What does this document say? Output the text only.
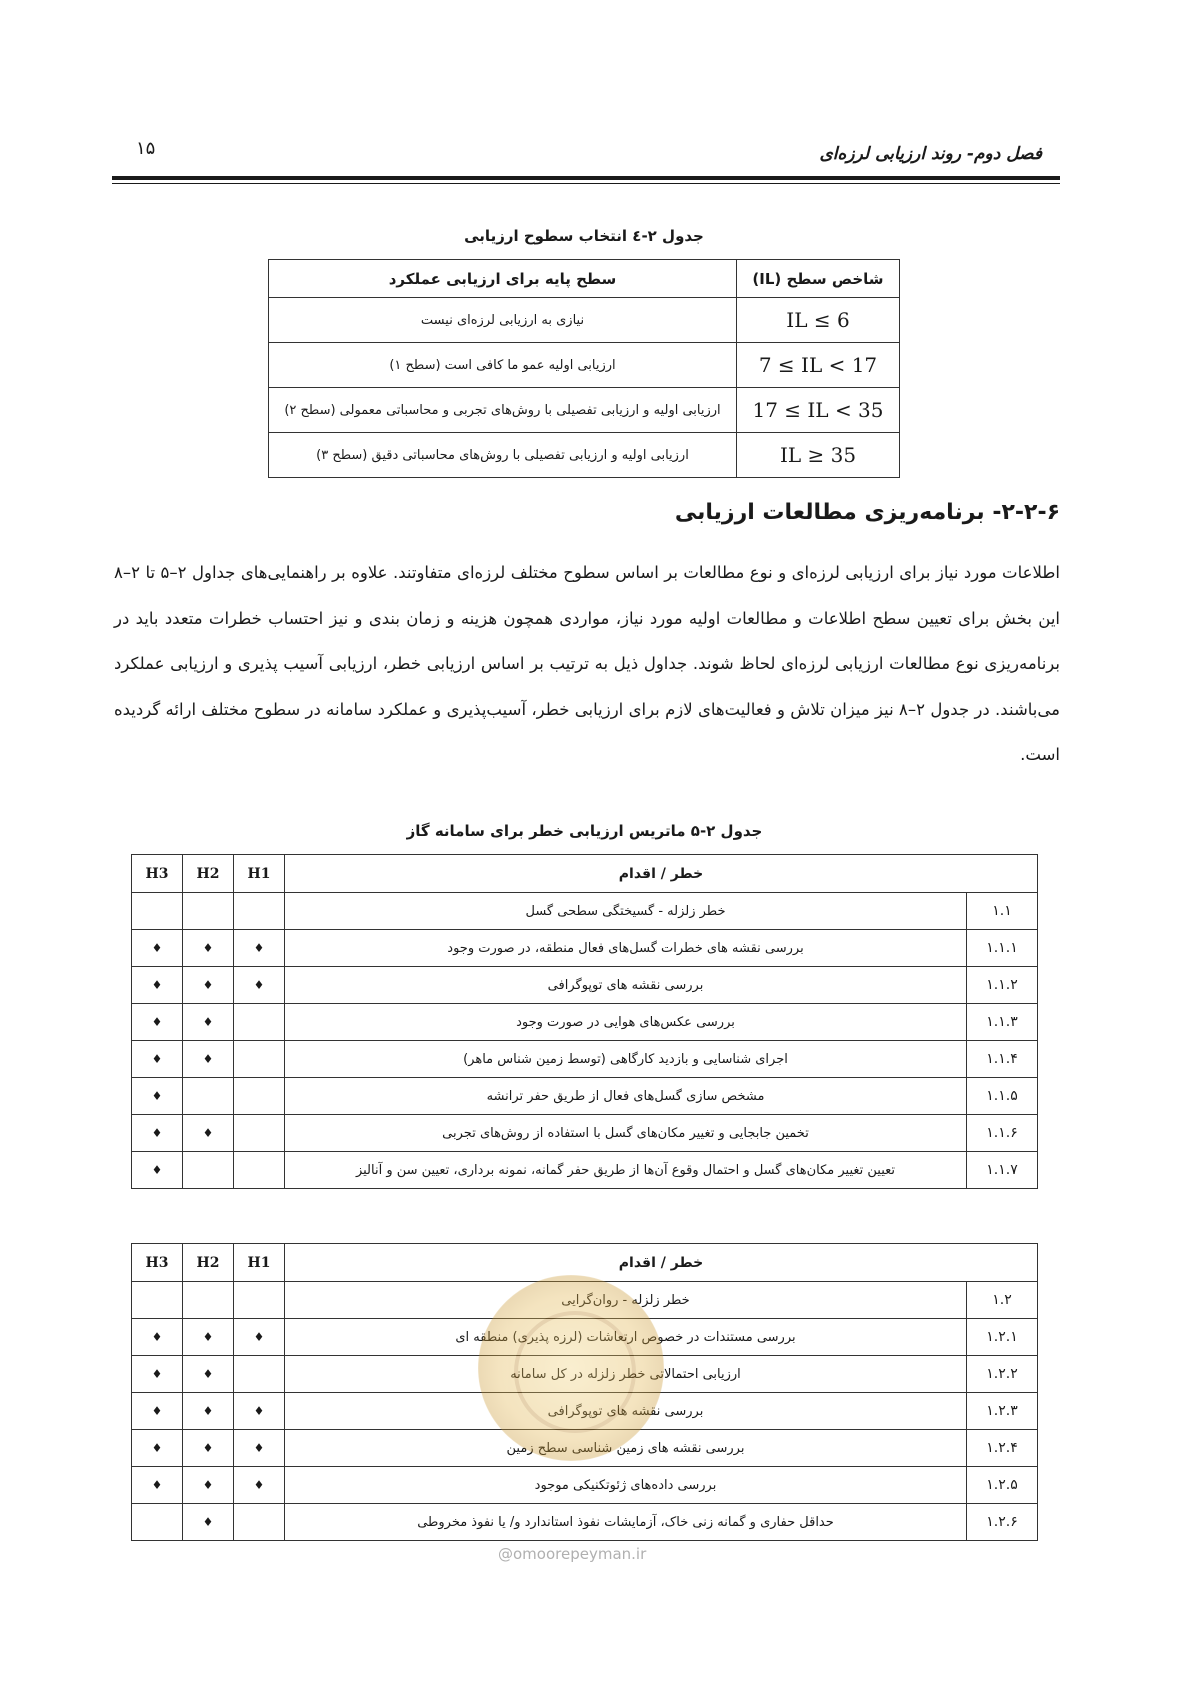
۱۵	فصل دوم- روند ارزیابی لرزه‌ای
جدول ۲-٤ انتخاب سطوح ارزیابی
شاخص سطح (IL)	سطح پایه برای ارزیابی عملکرد
IL ≤ 6	نیازی به ارزیابی لرزه‌ای نیست
7 ≤ IL < 17	ارزیابی اولیه عمو ما کافی است (سطح ۱)
17 ≤ IL < 35	ارزیابی اولیه و ارزیابی تفصیلی با روش‌های تجربی و محاسباتی معمولی (سطح ۲)
IL ≥ 35	ارزیابی اولیه و ارزیابی تفصیلی با روش‌های محاسباتی دقیق (سطح ۳)
۲-۲-۶- برنامه‌ریزی مطالعات ارزیابی

اطلاعات مورد نیاز برای ارزیابی لرزه‌ای و نوع مطالعات بر اساس سطوح مختلف لرزه‌ای متفاوتند. علاوه بر راهنمایی‌های جداول ۲–۵ تا ۲–۸ این بخش برای تعیین سطح اطلاعات و مطالعات اولیه مورد نیاز، مواردی همچون هزینه و زمان بندی و نیز احتساب خطرات متعدد باید در برنامه‌ریزی نوع مطالعات ارزیابی لرزه‌ای لحاظ شوند. جداول ذیل به ترتیب بر اساس ارزیابی خطر، ارزیابی آسیب پذیری و ارزیابی عملکرد می‌باشند. در جدول ۲–۸ نیز میزان تلاش و فعالیت‌های لازم برای ارزیابی خطر، آسیب‌پذیری و عملکرد سامانه در سطوح مختلف ارائه گردیده است.

جدول ۲-۵ ماتریس ارزیابی خطر برای سامانه گاز
خطر / اقدام		H1	H2	H3
۱.۱	خطر زلزله - گسیختگی سطحی گسل			
۱.۱.۱	بررسی نقشه های خطرات گسل‌های فعال منطقه، در صورت وجود	♦	♦	♦
۱.۱.۲	بررسی نقشه های توپوگرافی	♦	♦	♦
۱.۱.۳	بررسی عکس‌های هوایی در صورت وجود		♦	♦
۱.۱.۴	اجرای شناسایی و بازدید کارگاهی (توسط زمین شناس ماهر)		♦	♦
۱.۱.۵	مشخص سازی گسل‌های فعال از طریق حفر ترانشه			♦
۱.۱.۶	تخمین جابجایی و تغییر مکان‌های گسل با استفاده از روش‌های تجربی		♦	♦
۱.۱.۷	تعیین تغییر مکان‌های گسل و احتمال وقوع آن‌ها از طریق حفر گمانه، نمونه برداری، تعیین سن و آنالیز			♦
خطر / اقدام		H1	H2	H3
۱.۲	خطر زلزله - روان‌گرایی			
۱.۲.۱	بررسی مستندات در خصوص ارتعاشات (لرزه پذیری) منطقه ای	♦	♦	♦
۱.۲.۲	ارزیابی احتمالاتی خطر زلزله در کل سامانه		♦	♦
۱.۲.۳	بررسی نقشه های توپوگرافی	♦	♦	♦
۱.۲.۴	بررسی نقشه های زمین شناسی سطح زمین	♦	♦	♦
۱.۲.۵	بررسی داده‌های ژئوتکنیکی موجود	♦	♦	♦
۱.۲.۶	حداقل حفاری و گمانه زنی خاک، آزمایشات نفوذ استاندارد و/ یا نفوذ مخروطی		♦	
@omoorepeyman.ir
